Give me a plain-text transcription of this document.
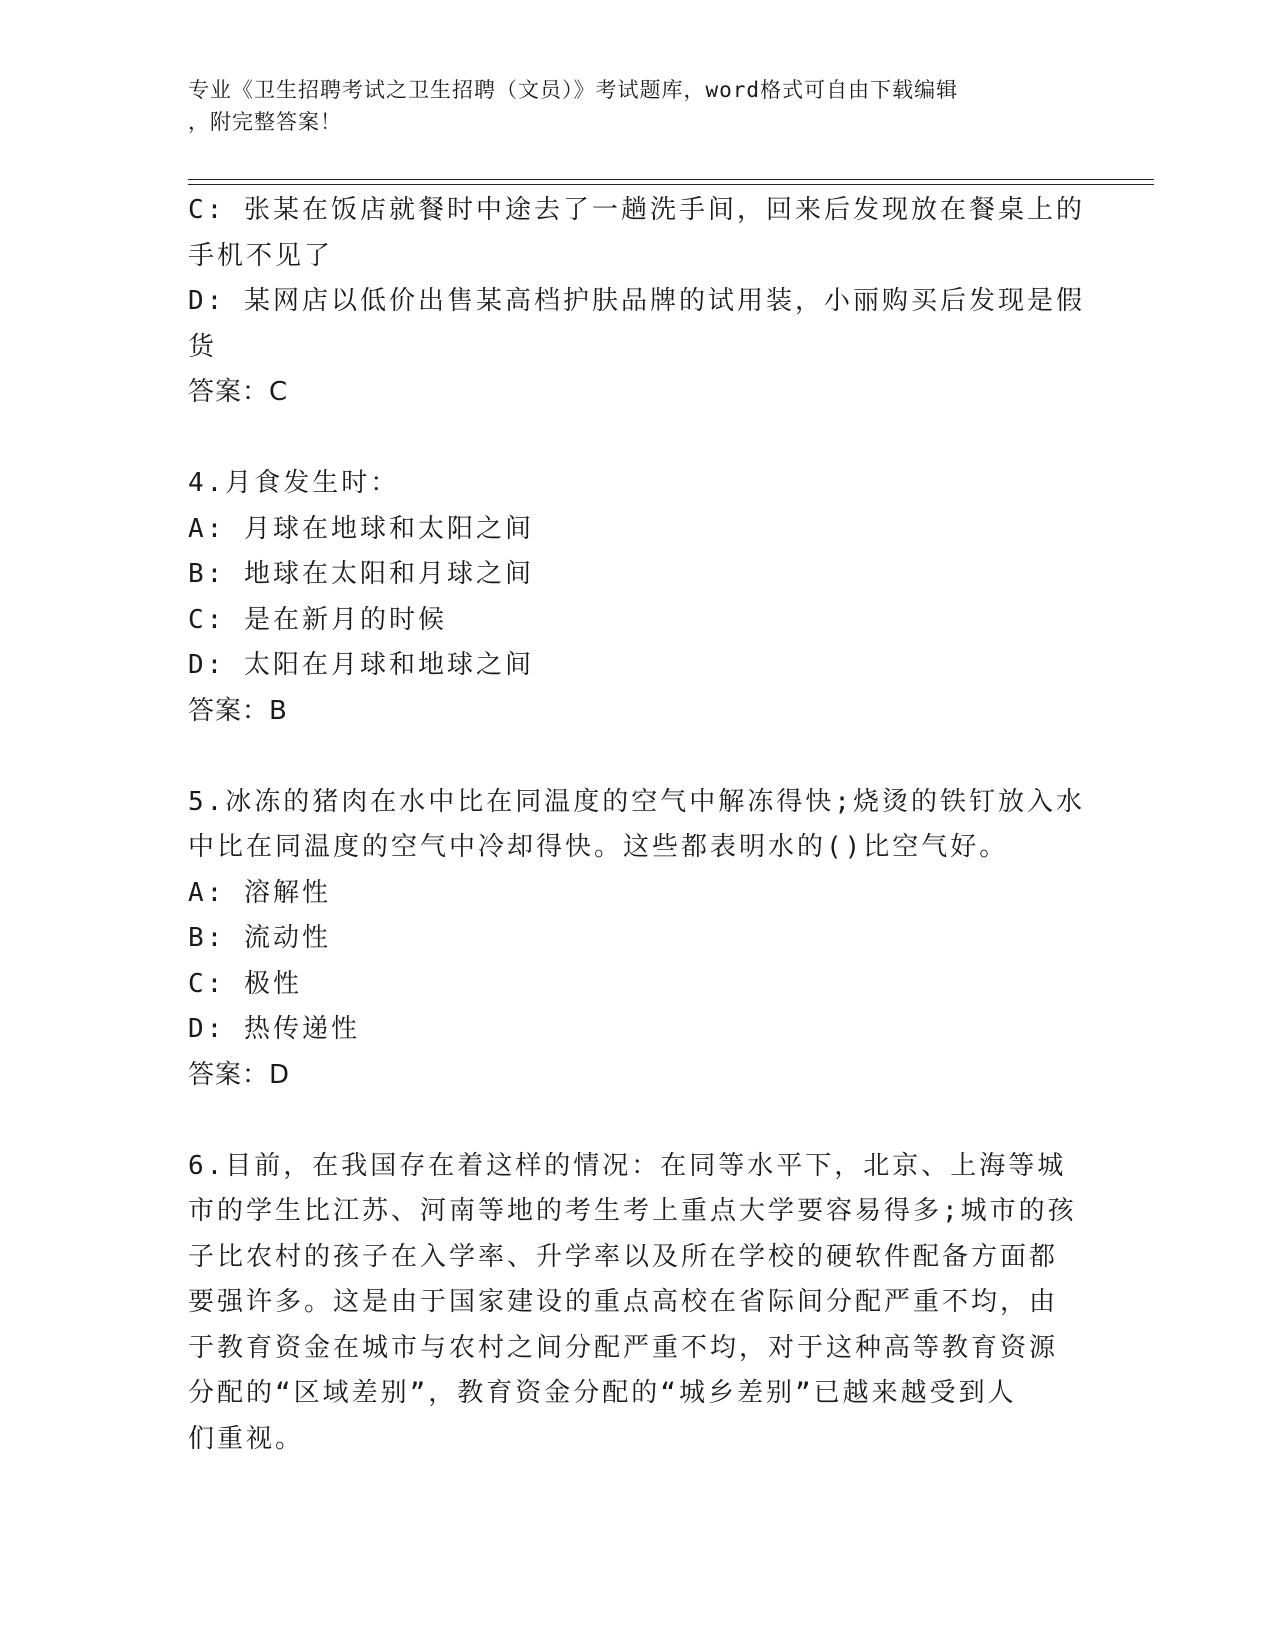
专业《卫生招聘考试之卫生招聘（文员）》考试题库，word格式可自由下载编辑
，附完整答案！
C: 张某在饭店就餐时中途去了一趟洗手间，回来后发现放在餐桌上的
手机不见了
D: 某网店以低价出售某高档护肤品牌的试用装，小丽购买后发现是假
货
答案：C
4.月食发生时：
A: 月球在地球和太阳之间
B: 地球在太阳和月球之间
C: 是在新月的时候
D: 太阳在月球和地球之间
答案：B
5.冰冻的猪肉在水中比在同温度的空气中解冻得快;烧烫的铁钉放入水
中比在同温度的空气中冷却得快。这些都表明水的()比空气好。
A: 溶解性
B: 流动性
C: 极性
D: 热传递性
答案：D
6.目前，在我国存在着这样的情况：在同等水平下，北京、上海等城
市的学生比江苏、河南等地的考生考上重点大学要容易得多;城市的孩
子比农村的孩子在入学率、升学率以及所在学校的硬软件配备方面都
要强许多。这是由于国家建设的重点高校在省际间分配严重不均，由
于教育资金在城市与农村之间分配严重不均，对于这种高等教育资源
分配的“区域差别”，教育资金分配的“城乡差别”已越来越受到人
们重视。
